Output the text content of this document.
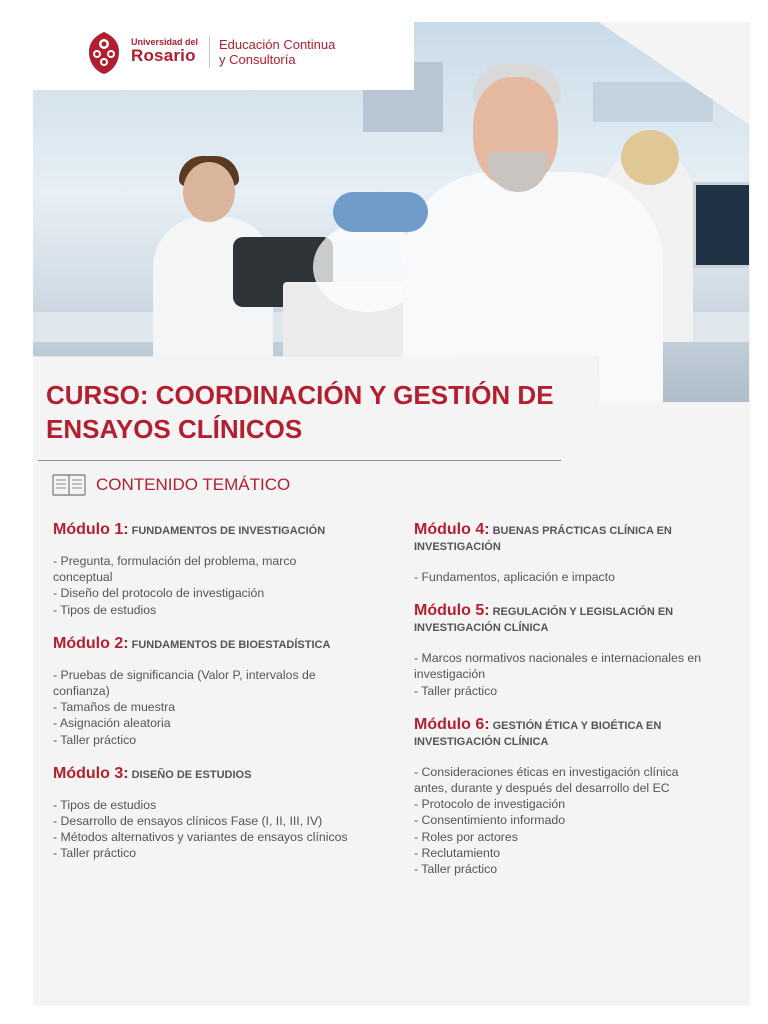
Universidad del
Rosario
Educación Continua
y Consultoría
CURSO: COORDINACIÓN Y GESTIÓN DE ENSAYOS CLÍNICOS
CONTENIDO TEMÁTICO
Módulo 1: FUNDAMENTOS DE INVESTIGACIÓN
- Pregunta, formulación del problema, marco conceptual
- Diseño del protocolo de investigación
- Tipos de estudios
Módulo 2: FUNDAMENTOS DE BIOESTADÍSTICA
- Pruebas de significancia (Valor P, intervalos de confianza)
- Tamaños de muestra
- Asignación aleatoria
- Taller práctico
Módulo 3: DISEÑO DE ESTUDIOS
- Tipos de estudios
- Desarrollo de ensayos clínicos Fase (I, II, III, IV)
- Métodos alternativos y variantes de ensayos clínicos
- Taller práctico
Módulo 4: BUENAS PRÁCTICAS CLÍNICA EN INVESTIGACIÓN
- Fundamentos, aplicación e impacto
Módulo 5: REGULACIÓN Y LEGISLACIÓN EN INVESTIGACIÓN CLÍNICA
- Marcos normativos nacionales e internacionales en investigación
- Taller práctico
Módulo 6: GESTIÓN ÉTICA Y BIOÉTICA EN INVESTIGACIÓN CLÍNICA
- Consideraciones éticas en investigación clínica antes, durante y después del desarrollo del EC
- Protocolo de investigación
- Consentimiento informado
- Roles por actores
- Reclutamiento
- Taller práctico
